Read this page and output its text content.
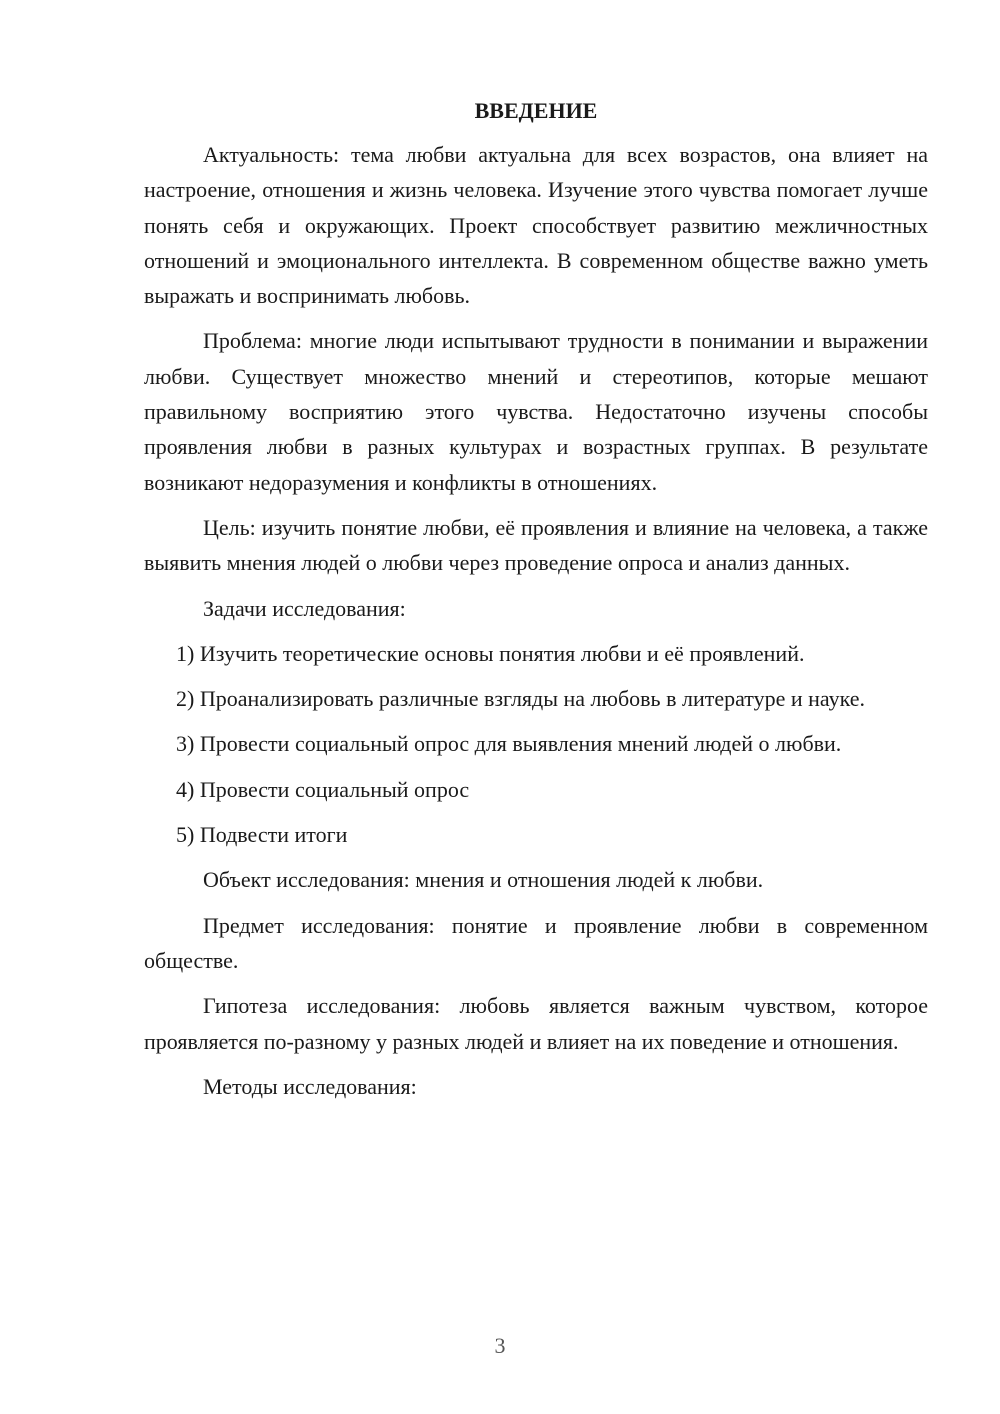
ВВЕДЕНИЕ

Актуальность: тема любви актуальна для всех возрастов, она влияет на настроение, отношения и жизнь человека. Изучение этого чувства помогает лучше понять себя и окружающих. Проект способствует развитию межличностных отношений и эмоционального интеллекта. В современном обществе важно уметь выражать и воспринимать любовь.

Проблема: многие люди испытывают трудности в понимании и выражении любви. Существует множество мнений и стереотипов, которые мешают правильному восприятию этого чувства. Недостаточно изучены способы проявления любви в разных культурах и возрастных группах. В результате возникают недоразумения и конфликты в отношениях.

Цель: изучить понятие любви, её проявления и влияние на человека, а также выявить мнения людей о любви через проведение опроса и анализ данных.

Задачи исследования:

1) Изучить теоретические основы понятия любви и её проявлений.

2) Проанализировать различные взгляды на любовь в литературе и науке.

3) Провести социальный опрос для выявления мнений людей о любви.

4) Провести социальный опрос

5) Подвести итоги

Объект исследования: мнения и отношения людей к любви.

Предмет исследования: понятие и проявление любви в современном обществе.

Гипотеза исследования: любовь является важным чувством, которое проявляется по-разному у разных людей и влияет на их поведение и отношения.

Методы исследования:

3
